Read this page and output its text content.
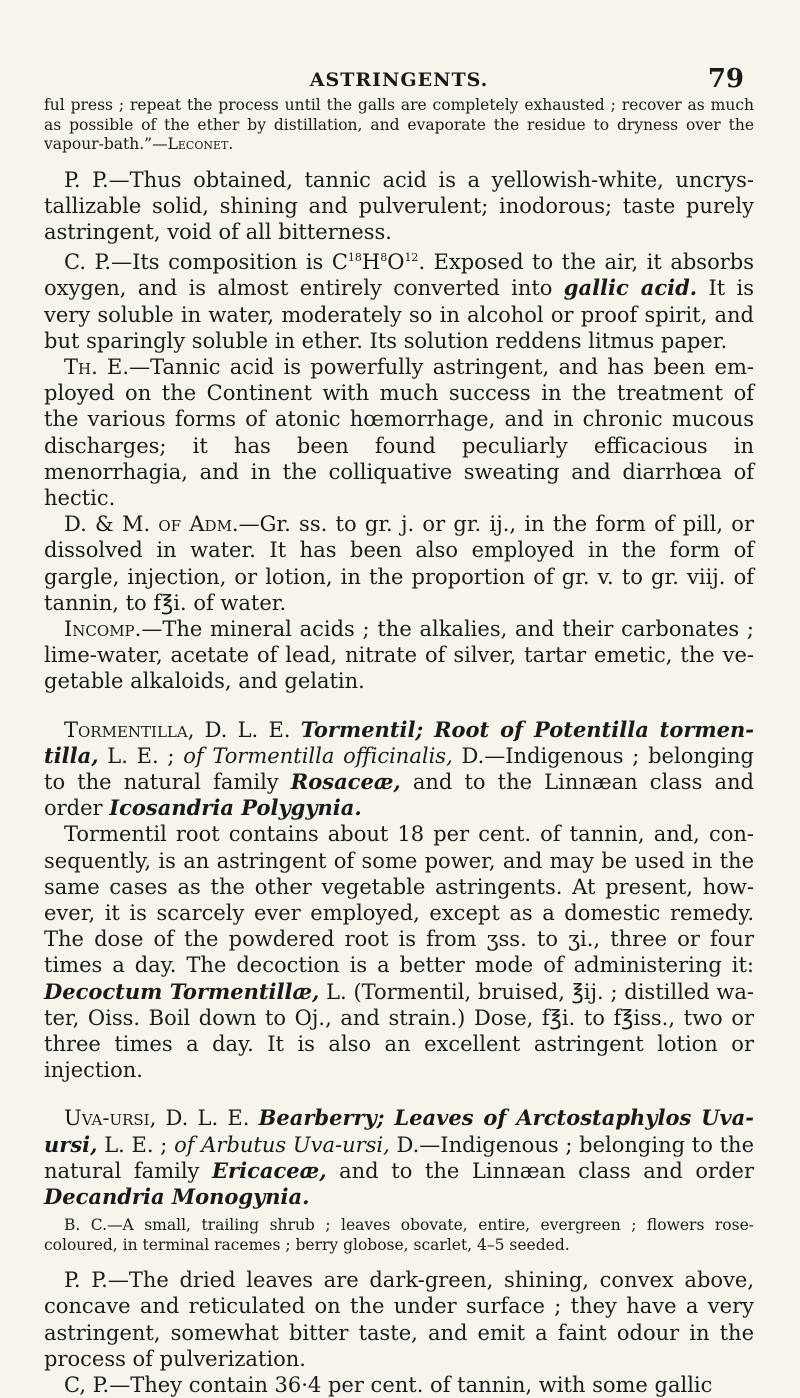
ASTRINGENTS.	79

ful press ; repeat the process until the galls are completely exhausted ; recover as much as possible of the ether by distillation, and evaporate the residue to dryness over the vapour-bath.”—Leconet.

P. P.—Thus obtained, tannic acid is a yellowish-white, uncrystallizable solid, shining and pulverulent; inodorous; taste purely astringent, void of all bitterness.

C. P.—Its composition is $C^{18}H^8O^{12}$. Exposed to the air, it absorbs oxygen, and is almost entirely converted into gallic acid. It is very soluble in water, moderately so in alcohol or proof spirit, and but sparingly soluble in ether. Its solution reddens litmus paper.

Th. E.—Tannic acid is powerfully astringent, and has been employed on the Continent with much success in the treatment of the various forms of atonic hœmorrhage, and in chronic mucous discharges; it has been found peculiarly efficacious in menorrhagia, and in the colliquative sweating and diarrhœa of hectic.

D. & M. of Adm.—Gr. ss. to gr. j. or gr. ij., in the form of pill, or dissolved in water. It has been also employed in the form of gargle, injection, or lotion, in the proportion of gr. v. to gr. viij. of tannin, to f℥i. of water.

Incomp.—The mineral acids ; the alkalies, and their carbonates ; lime-water, acetate of lead, nitrate of silver, tartar emetic, the vegetable alkaloids, and gelatin.

Tormentilla, D. L. E. Tormentil; Root of Potentilla tormentilla, L. E. ; of Tormentilla officinalis, D.—Indigenous ; belonging to the natural family Rosaceæ, and to the Linnæan class and order Icosandria Polygynia.

Tormentil root contains about 18 per cent. of tannin, and, consequently, is an astringent of some power, and may be used in the same cases as the other vegetable astringents. At present, however, it is scarcely ever employed, except as a domestic remedy. The dose of the powdered root is from ʒss. to ʒi., three or four times a day. The decoction is a better mode of administering it: Decoctum Tormentillæ, L. (Tormentil, bruised, ℥ij. ; distilled water, Oiss. Boil down to Oj., and strain.) Dose, f℥i. to f℥iss., two or three times a day. It is also an excellent astringent lotion or injection.

Uva-ursi, D. L. E. Bearberry; Leaves of Arctostaphylos Uva-ursi, L. E. ; of Arbutus Uva-ursi, D.—Indigenous ; belonging to the natural family Ericaceæ, and to the Linnæan class and order Decandria Monogynia.

B. C.—A small, trailing shrub ; leaves obovate, entire, evergreen ; flowers rose-coloured, in terminal racemes ; berry globose, scarlet, 4–5 seeded.

P. P.—The dried leaves are dark-green, shining, convex above, concave and reticulated on the under surface ; they have a very astringent, somewhat bitter taste, and emit a faint odour in the process of pulverization.

C, P.—They contain 36·4 per cent. of tannin, with some gallic
